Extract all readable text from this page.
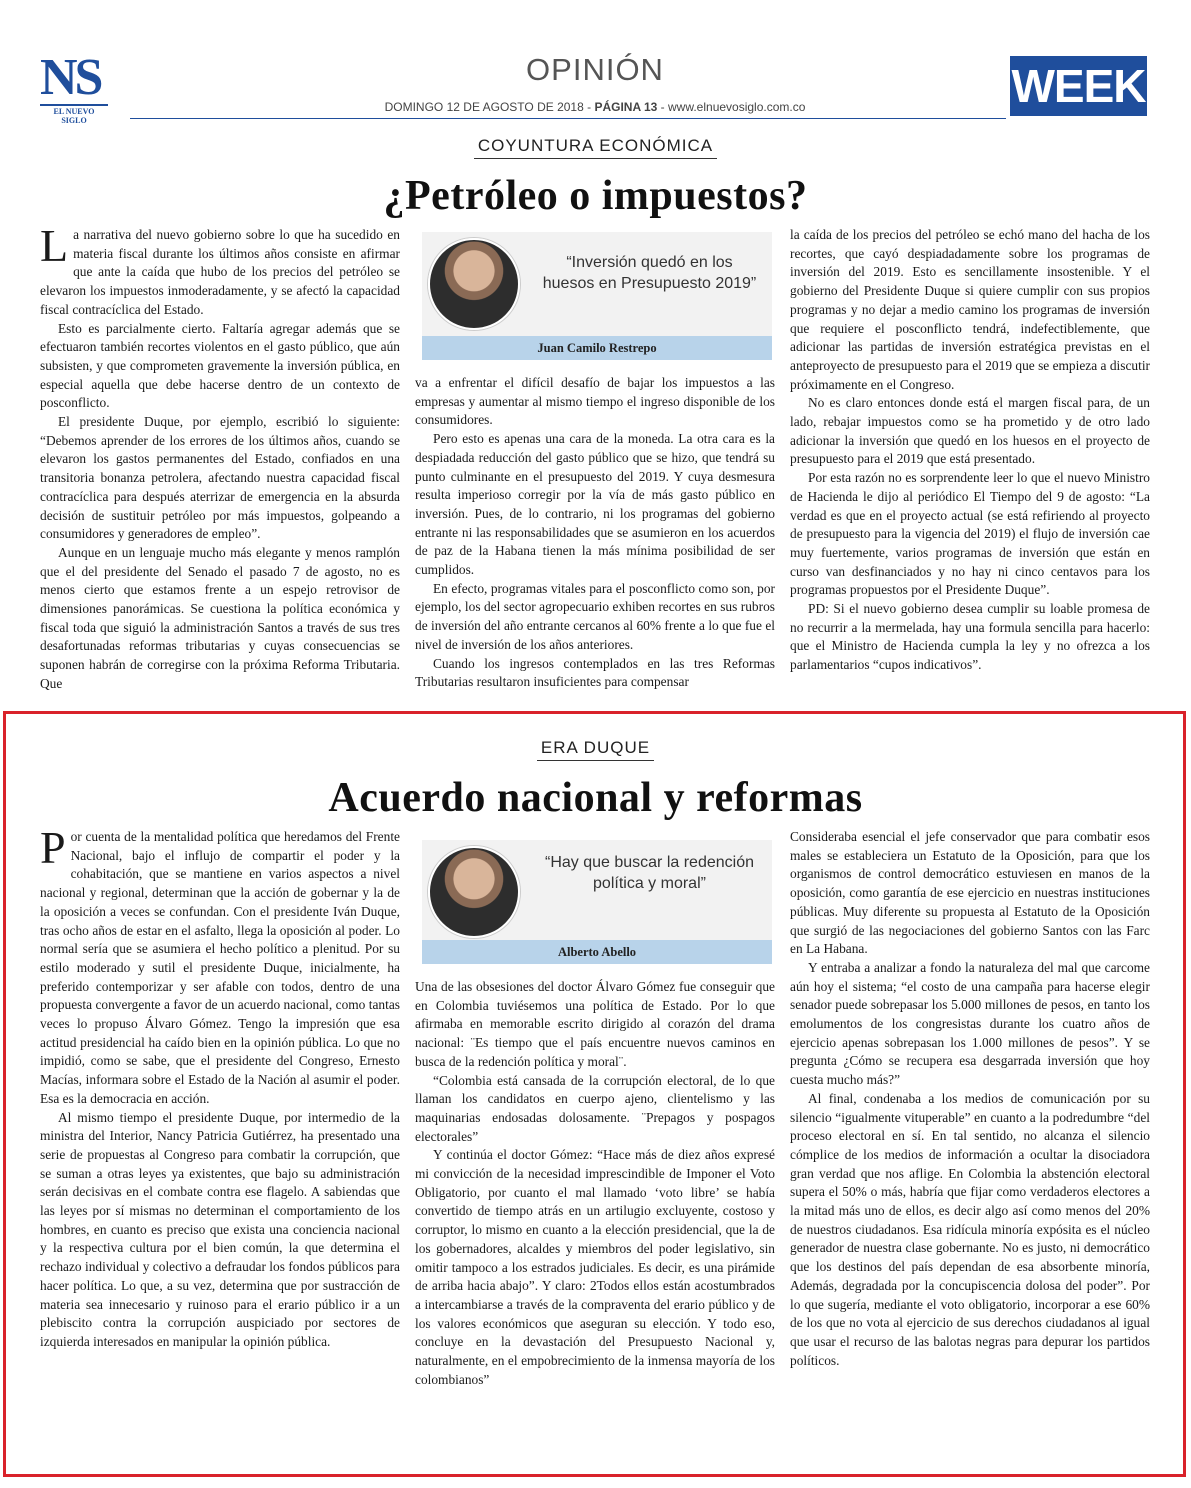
NS
EL NUEVO SIGLO
OPINIÓN
DOMINGO 12 DE AGOSTO DE 2018 - PÁGINA 13 - www.elnuevosiglo.com.co	WEEK
COYUNTURA ECONÓMICA
¿Petróleo o impuestos?

La narrativa del nuevo gobierno sobre lo que ha sucedido en materia fiscal durante los últimos años consiste en afirmar que ante la caída que hubo de los precios del petróleo se elevaron los impuestos inmoderadamente, y se afectó la capacidad fiscal contracíclica del Estado.

Esto es parcialmente cierto. Faltaría agregar además que se efectuaron también recortes violentos en el gasto público, que aún subsisten, y que comprometen gravemente la inversión pública, en especial aquella que debe hacerse dentro de un contexto de posconflicto.

El presidente Duque, por ejemplo, escribió lo siguiente: “Debemos aprender de los errores de los últimos años, cuando se elevaron los gastos permanentes del Estado, confiados en una transitoria bonanza petrolera, afectando nuestra capacidad fiscal contracíclica para después aterrizar de emergencia en la absurda decisión de sustituir petróleo por más impuestos, golpeando a consumidores y generadores de empleo”.

Aunque en un lenguaje mucho más elegante y menos ramplón que el del presidente del Senado el pasado 7 de agosto, no es menos cierto que estamos frente a un espejo retrovisor de dimensiones panorámicas. Se cuestiona la política económica y fiscal toda que siguió la administración Santos a través de sus tres desafortunadas reformas tributarias y cuyas consecuencias se suponen habrán de corregirse con la próxima Reforma Tributaria. Que

“Inversión quedó en los huesos en Presupuesto 2019”
Juan Camilo Restrepo

va a enfrentar el difícil desafío de bajar los impuestos a las empresas y aumentar al mismo tiempo el ingreso disponible de los consumidores.

Pero esto es apenas una cara de la moneda. La otra cara es la despiadada reducción del gasto público que se hizo, que tendrá su punto culminante en el presupuesto del 2019. Y cuya desmesura resulta imperioso corregir por la vía de más gasto público en inversión. Pues, de lo contrario, ni los programas del gobierno entrante ni las responsabilidades que se asumieron en los acuerdos de paz de la Habana tienen la más mínima posibilidad de ser cumplidos.

En efecto, programas vitales para el posconflicto como son, por ejemplo, los del sector agropecuario exhiben recortes en sus rubros de inversión del año entrante cercanos al 60% frente a lo que fue el nivel de inversión de los años anteriores.

Cuando los ingresos contemplados en las tres Reformas Tributarias resultaron insuficientes para compensar

la caída de los precios del petróleo se echó mano del hacha de los recortes, que cayó despiadadamente sobre los programas de inversión del 2019. Esto es sencillamente insostenible. Y el gobierno del Presidente Duque si quiere cumplir con sus propios programas y no dejar a medio camino los programas de inversión que requiere el posconflicto tendrá, indefectiblemente, que adicionar las partidas de inversión estratégica previstas en el anteproyecto de presupuesto para el 2019 que se empieza a discutir próximamente en el Congreso.

No es claro entonces donde está el margen fiscal para, de un lado, rebajar impuestos como se ha prometido y de otro lado adicionar la inversión que quedó en los huesos en el proyecto de presupuesto para el 2019 que está presentado.

Por esta razón no es sorprendente leer lo que el nuevo Ministro de Hacienda le dijo al periódico El Tiempo del 9 de agosto: “La verdad es que en el proyecto actual (se está refiriendo al proyecto de presupuesto para la vigencia del 2019) el flujo de inversión cae muy fuertemente, varios programas de inversión que están en curso van desfinanciados y no hay ni cinco centavos para los programas propuestos por el Presidente Duque”.

PD: Si el nuevo gobierno desea cumplir su loable promesa de no recurrir a la mermelada, hay una formula sencilla para hacerlo: que el Ministro de Hacienda cumpla la ley y no ofrezca a los parlamentarios “cupos indicativos”.

ERA DUQUE
Acuerdo nacional y reformas

Por cuenta de la mentalidad política que heredamos del Frente Nacional, bajo el influjo de compartir el poder y la cohabitación, que se mantiene en varios aspectos a nivel nacional y regional, determinan que la acción de gobernar y la de la oposición a veces se confundan. Con el presidente Iván Duque, tras ocho años de estar en el asfalto, llega la oposición al poder. Lo normal sería que se asumiera el hecho político a plenitud. Por su estilo moderado y sutil el presidente Duque, inicialmente, ha preferido contemporizar y ser afable con todos, dentro de una propuesta convergente a favor de un acuerdo nacional, como tantas veces lo propuso Álvaro Gómez. Tengo la impresión que esa actitud presidencial ha caído bien en la opinión pública. Lo que no impidió, como se sabe, que el presidente del Congreso, Ernesto Macías, informara sobre el Estado de la Nación al asumir el poder. Esa es la democracia en acción.

Al mismo tiempo el presidente Duque, por intermedio de la ministra del Interior, Nancy Patricia Gutiérrez, ha presentado una serie de propuestas al Congreso para combatir la corrupción, que se suman a otras leyes ya existentes, que bajo su administración serán decisivas en el combate contra ese flagelo. A sabiendas que las leyes por sí mismas no determinan el comportamiento de los hombres, en cuanto es preciso que exista una conciencia nacional y la respectiva cultura por el bien común, la que determina el rechazo individual y colectivo a defraudar los fondos públicos para hacer política. Lo que, a su vez, determina que por sustracción de materia sea innecesario y ruinoso para el erario público ir a un plebiscito contra la corrupción auspiciado por sectores de izquierda interesados en manipular la opinión pública.

“Hay que buscar la redención política y moral”
Alberto Abello

Una de las obsesiones del doctor Álvaro Gómez fue conseguir que en Colombia tuviésemos una política de Estado. Por lo que afirmaba en memorable escrito dirigido al corazón del drama nacional: ¨Es tiempo que el país encuentre nuevos caminos en busca de la redención política y moral¨.

“Colombia está cansada de la corrupción electoral, de lo que llaman los candidatos en cuerpo ajeno, clientelismo y las maquinarias endosadas dolosamente. ¨Prepagos y pospagos electorales”

Y continúa el doctor Gómez: “Hace más de diez años expresé mi convicción de la necesidad imprescindible de Imponer el Voto Obligatorio, por cuanto el mal llamado ‘voto libre’ se había convertido de tiempo atrás en un artilugio excluyente, costoso y corruptor, lo mismo en cuanto a la elección presidencial, que la de los gobernadores, alcaldes y miembros del poder legislativo, sin omitir tampoco a los estrados judiciales. Es decir, es una pirámide de arriba hacia abajo”. Y claro: 2Todos ellos están acostumbrados a intercambiarse a través de la compraventa del erario público y de los valores económicos que aseguran su elección. Y todo eso, concluye en la devastación del Presupuesto Nacional y, naturalmente, en el empobrecimiento de la inmensa mayoría de los colombianos”

Consideraba esencial el jefe conservador que para combatir esos males se estableciera un Estatuto de la Oposición, para que los organismos de control democrático estuviesen en manos de la oposición, como garantía de ese ejercicio en nuestras instituciones públicas. Muy diferente su propuesta al Estatuto de la Oposición que surgió de las negociaciones del gobierno Santos con las Farc en La Habana.

Y entraba a analizar a fondo la naturaleza del mal que carcome aún hoy el sistema; “el costo de una campaña para hacerse elegir senador puede sobrepasar los 5.000 millones de pesos, en tanto los emolumentos de los congresistas durante los cuatro años de ejercicio apenas sobrepasan los 1.000 millones de pesos”. Y se pregunta ¿Cómo se recupera esa desgarrada inversión que hoy cuesta mucho más?”

Al final, condenaba a los medios de comunicación por su silencio “igualmente vituperable” en cuanto a la podredumbre “del proceso electoral en sí. En tal sentido, no alcanza el silencio cómplice de los medios de información a ocultar la disociadora gran verdad que nos aflige. En Colombia la abstención electoral supera el 50% o más, habría que fijar como verdaderos electores a la mitad más uno de ellos, es decir algo así como menos del 20% de nuestros ciudadanos. Esa ridícula minoría expósita es el núcleo generador de nuestra clase gobernante. No es justo, ni democrático que los destinos del país dependan de esa absorbente minoría, Además, degradada por la concupiscencia dolosa del poder”. Por lo que sugería, mediante el voto obligatorio, incorporar a ese 60% de los que no vota al ejercicio de sus derechos ciudadanos al igual que usar el recurso de las balotas negras para depurar los partidos políticos.
